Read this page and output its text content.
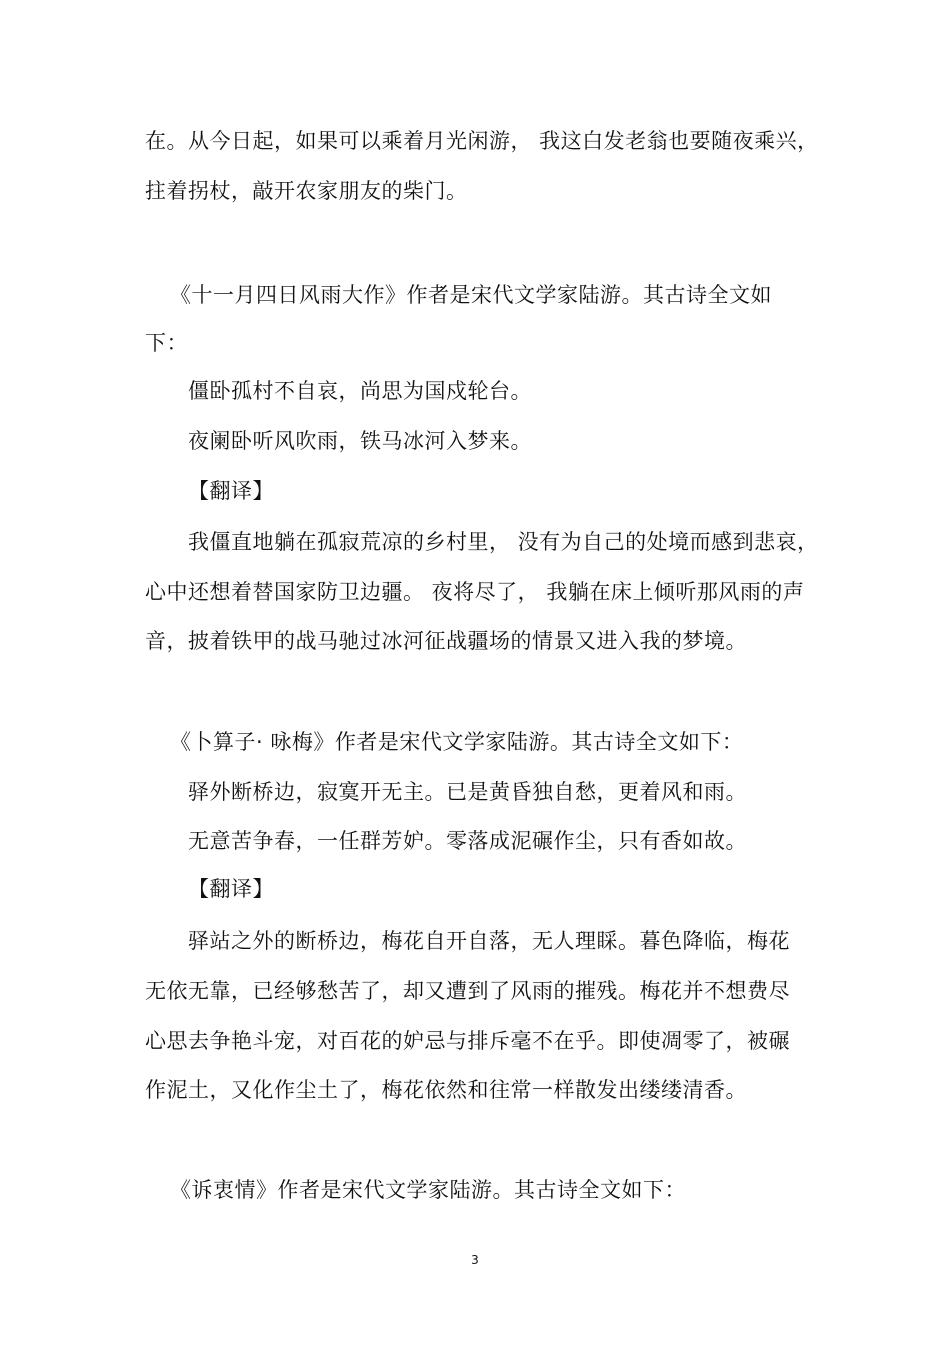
在。从今日起，如果可以乘着月光闲游， 我这白发老翁也要随夜乘兴，
拄着拐杖，敲开农家朋友的柴门。
《十一月四日风雨大作》作者是宋代文学家陆游。其古诗全文如
下：
僵卧孤村不自哀，尚思为国戍轮台。
夜阑卧听风吹雨，铁马冰河入梦来。
【翻译】
我僵直地躺在孤寂荒凉的乡村里， 没有为自己的处境而感到悲哀，
心中还想着替国家防卫边疆。 夜将尽了， 我躺在床上倾听那风雨的声
音，披着铁甲的战马驰过冰河征战疆场的情景又进入我的梦境。
《卜算子· 咏梅》作者是宋代文学家陆游。其古诗全文如下：
驿外断桥边，寂寞开无主。已是黄昏独自愁，更着风和雨。
无意苦争春，一任群芳妒。零落成泥碾作尘，只有香如故。
【翻译】
驿站之外的断桥边，梅花自开自落，无人理睬。暮色降临，梅花
无依无靠，已经够愁苦了，却又遭到了风雨的摧残。梅花并不想费尽
心思去争艳斗宠，对百花的妒忌与排斥毫不在乎。即使凋零了，被碾
作泥土，又化作尘土了，梅花依然和往常一样散发出缕缕清香。
《诉衷情》作者是宋代文学家陆游。其古诗全文如下：
3
